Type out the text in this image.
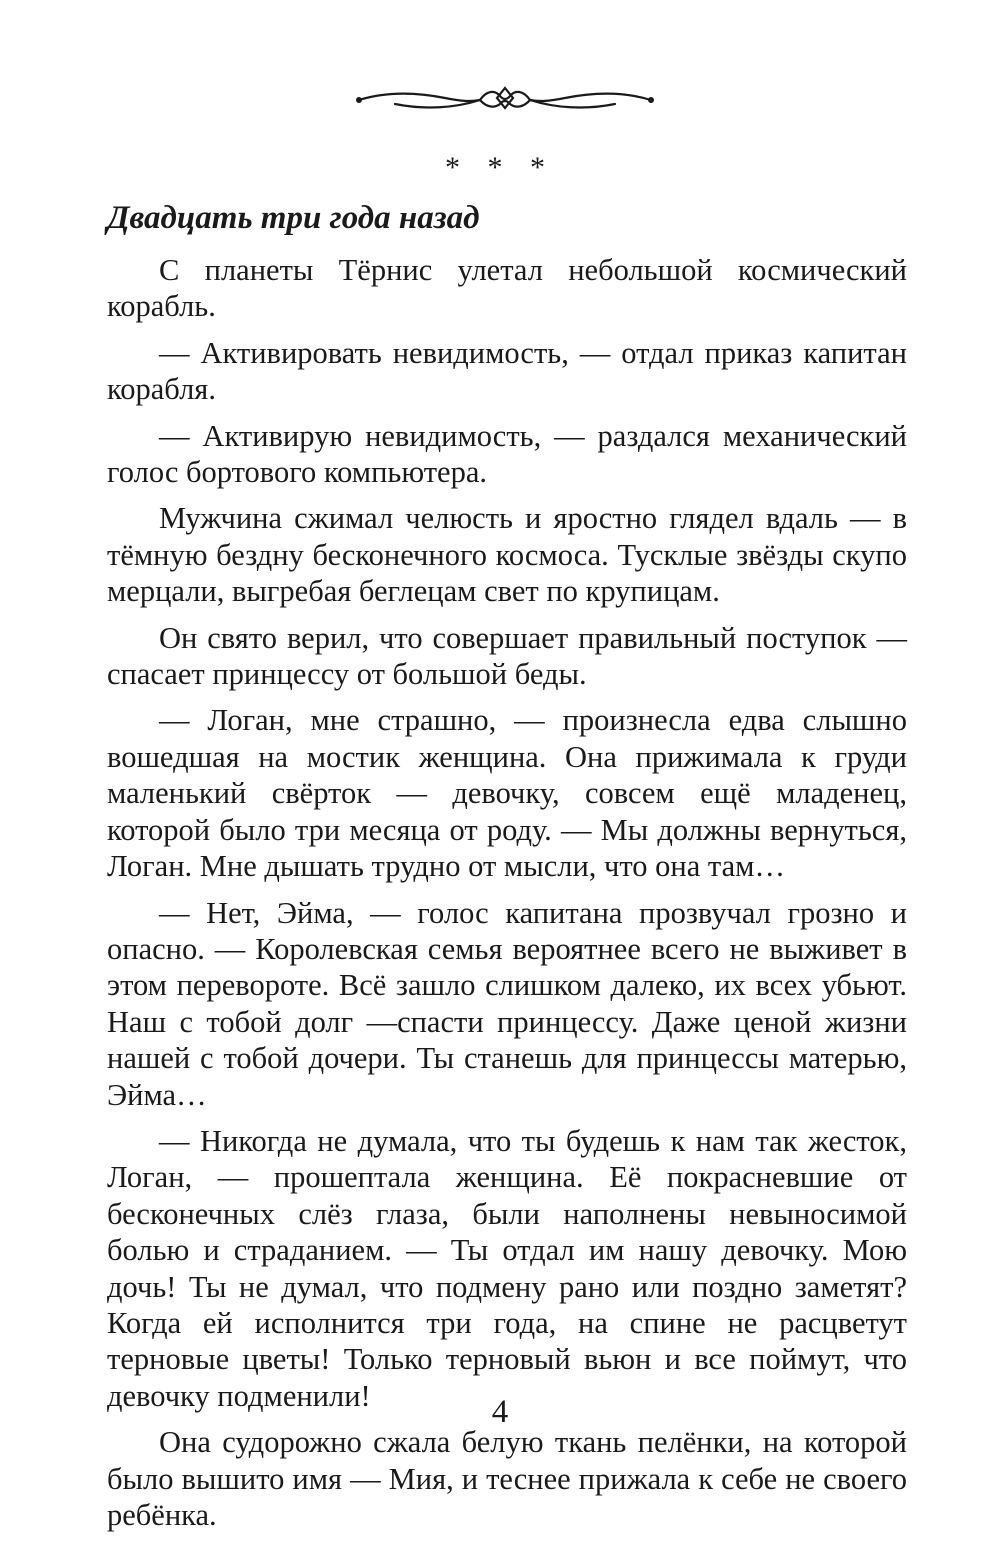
* * *
Двадцать три года назад

С планеты Тёрнис улетал небольшой космический корабль.

— Активировать невидимость, — отдал приказ капитан корабля.

— Активирую невидимость, — раздался механический голос бортового компьютера.

Мужчина сжимал челюсть и яростно глядел вдаль — в тёмную бездну бесконечного космоса. Тусклые звёзды скупо мерцали, выгребая беглецам свет по крупицам.

Он свято верил, что совершает правильный поступок — спасает принцессу от большой беды.

— Логан, мне страшно, — произнесла едва слышно вошедшая на мостик женщина. Она прижимала к груди маленький свёрток — девочку, совсем ещё младенец, которой было три месяца от роду. — Мы должны вернуться, Логан. Мне дышать трудно от мысли, что она там…

— Нет, Эйма, — голос капитана прозвучал грозно и опасно. — Королевская семья вероятнее всего не выживет в этом перевороте. Всё зашло слишком далеко, их всех убьют. Наш с тобой долг —спасти принцессу. Даже ценой жизни нашей с тобой дочери. Ты станешь для принцессы матерью, Эйма…

— Никогда не думала, что ты будешь к нам так жесток, Логан, — прошептала женщина. Её покрасневшие от бесконечных слёз глаза, были наполнены невыносимой болью и страданием. — Ты отдал им нашу девочку. Мою дочь! Ты не думал, что подмену рано или поздно заметят? Когда ей исполнится три года, на спине не расцветут терновые цветы! Только терновый вьюн и все поймут, что девочку подменили!

Она судорожно сжала белую ткань пелёнки, на которой было вышито имя — Мия, и теснее прижала к себе не своего ребёнка.

4
